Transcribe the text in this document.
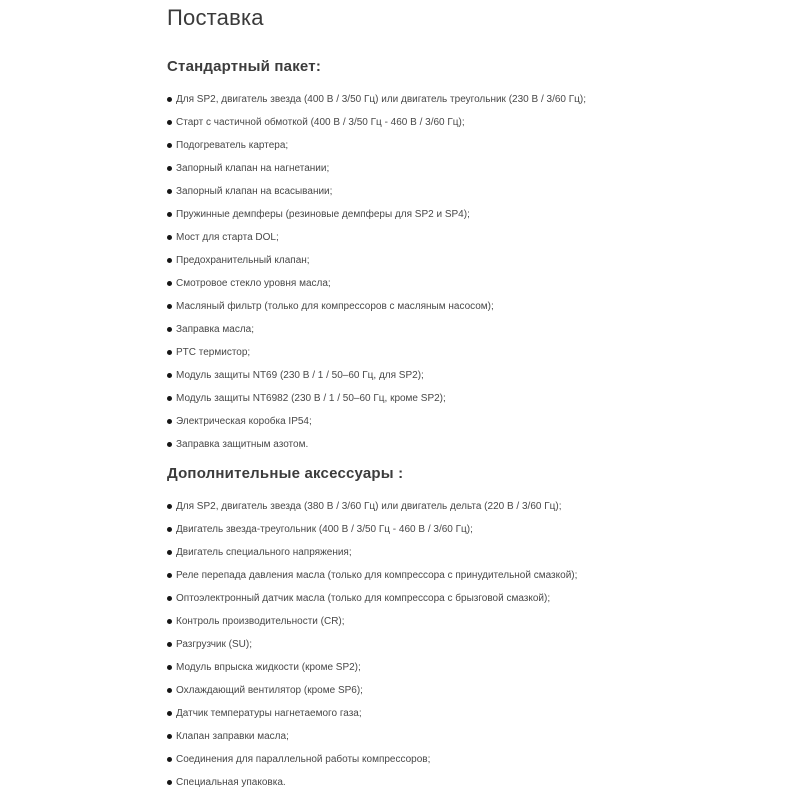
Поставка
Стандартный пакет:
Для SP2, двигатель звезда (400 В / 3/50 Гц) или двигатель треугольник (230 В / 3/60 Гц);
Старт с частичной обмоткой (400 В / 3/50 Гц - 460 В / 3/60 Гц);
Подогреватель картера;
Запорный клапан на нагнетании;
Запорный клапан на всасывании;
Пружинные демпферы (резиновые демпферы для SP2 и SP4);
Мост для старта DOL;
Предохранительный клапан;
Смотровое стекло уровня масла;
Масляный фильтр (только для компрессоров с масляным насосом);
Заправка масла;
PTC термистор;
Модуль защиты NT69 (230 В / 1 / 50–60 Гц, для SP2);
Модуль защиты NT6982 (230 В / 1 / 50–60 Гц, кроме SP2);
Электрическая коробка IP54;
Заправка защитным азотом.
Дополнительные аксессуары :
Для SP2, двигатель звезда (380 В / 3/60 Гц) или двигатель дельта (220 В / 3/60 Гц);
Двигатель звезда-треугольник (400 В / 3/50 Гц - 460 В / 3/60 Гц);
Двигатель специального напряжения;
Реле перепада давления масла (только для компрессора с принудительной смазкой);
Оптоэлектронный датчик масла (только для компрессора с брызговой смазкой);
Контроль производительности (CR);
Разгрузчик (SU);
Модуль впрыска жидкости (кроме SP2);
Охлаждающий вентилятор (кроме SP6);
Датчик температуры нагнетаемого газа;
Клапан заправки масла;
Соединения для параллельной работы компрессоров;
Специальная упаковка.
